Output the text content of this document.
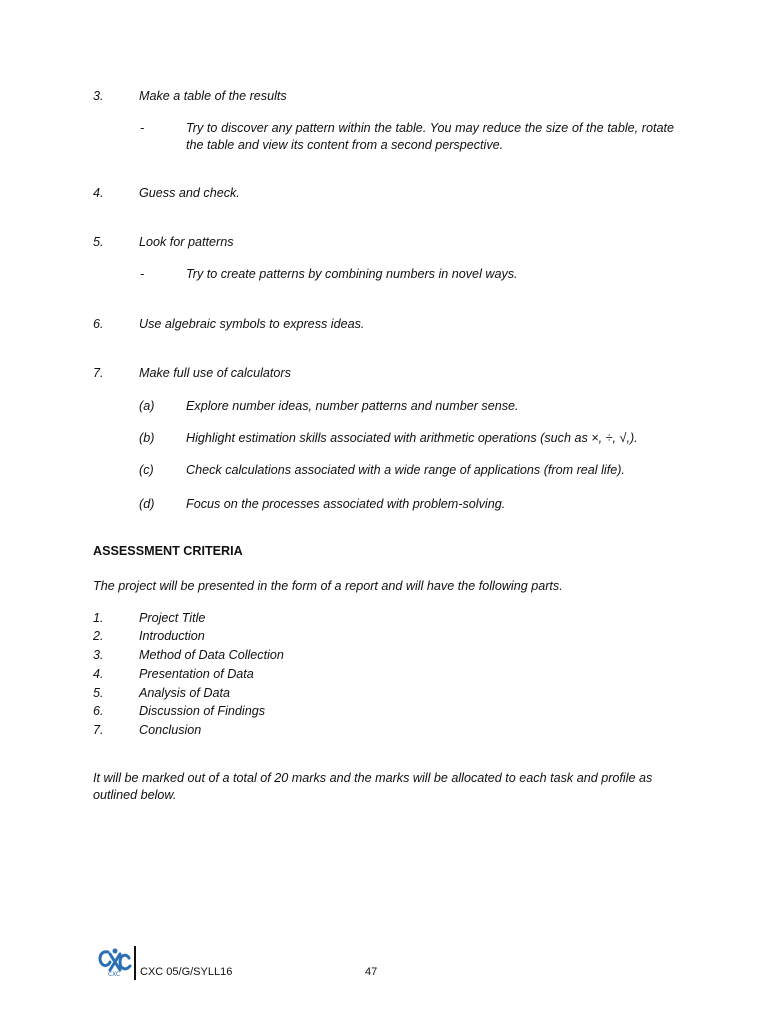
3.	Make a table of the results
-	Try to discover any pattern within the table. You may reduce the size of the table, rotate the table and view its content from a second perspective.
4.	Guess and check.
5.	Look for patterns
-	Try to create patterns by combining numbers in novel ways.
6.	Use algebraic symbols to express ideas.
7.	Make full use of calculators
(a)	Explore number ideas, number patterns and number sense.
(b)	Highlight estimation skills associated with arithmetic operations (such as ×, ÷, √,).
(c)	Check calculations associated with a wide range of applications (from real life).
(d)	Focus on the processes associated with problem-solving.
ASSESSMENT CRITERIA
The project will be presented in the form of a report and will have the following parts.
1.	Project Title
2.	Introduction
3.	Method of Data Collection
4.	Presentation of Data
5.	Analysis of Data
6.	Discussion of Findings
7.	Conclusion
It will be marked out of a total of 20 marks and the marks will be allocated to each task and profile as outlined below.
CXC CXC 05/G/SYLL16	47
